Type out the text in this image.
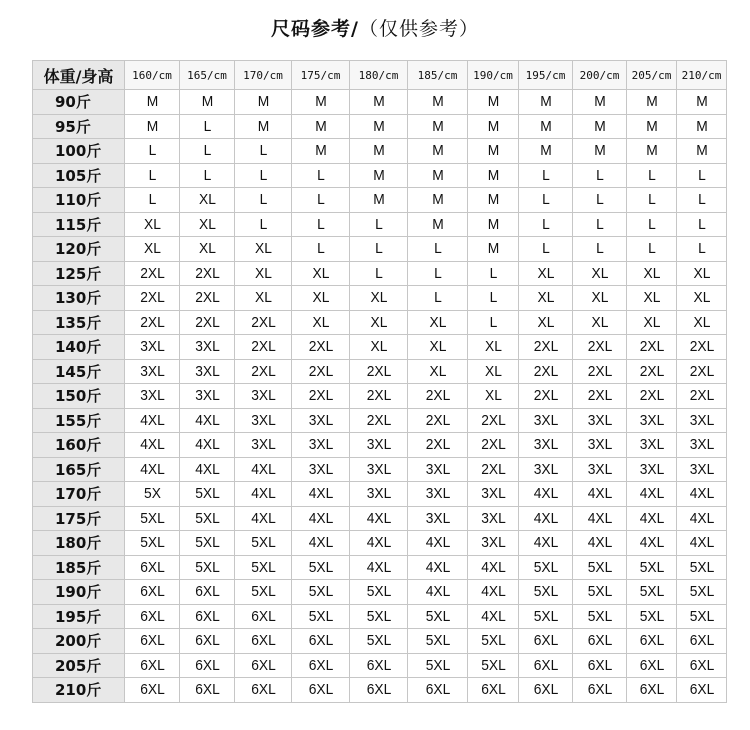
尺码参考/（仅供参考）
体重/身高	160/cm	165/cm	170/cm	175/cm	180/cm	185/cm	190/cm	195/cm	200/cm	205/cm	210/cm
90斤	M	M	M	M	M	M	M	M	M	M	M
95斤	M	L	M	M	M	M	M	M	M	M	M
100斤	L	L	L	M	M	M	M	M	M	M	M
105斤	L	L	L	L	M	M	M	L	L	L	L
110斤	L	XL	L	L	M	M	M	L	L	L	L
115斤	XL	XL	L	L	L	M	M	L	L	L	L
120斤	XL	XL	XL	L	L	L	M	L	L	L	L
125斤	2XL	2XL	XL	XL	L	L	L	XL	XL	XL	XL
130斤	2XL	2XL	XL	XL	XL	L	L	XL	XL	XL	XL
135斤	2XL	2XL	2XL	XL	XL	XL	L	XL	XL	XL	XL
140斤	3XL	3XL	2XL	2XL	XL	XL	XL	2XL	2XL	2XL	2XL
145斤	3XL	3XL	2XL	2XL	2XL	XL	XL	2XL	2XL	2XL	2XL
150斤	3XL	3XL	3XL	2XL	2XL	2XL	XL	2XL	2XL	2XL	2XL
155斤	4XL	4XL	3XL	3XL	2XL	2XL	2XL	3XL	3XL	3XL	3XL
160斤	4XL	4XL	3XL	3XL	3XL	2XL	2XL	3XL	3XL	3XL	3XL
165斤	4XL	4XL	4XL	3XL	3XL	3XL	2XL	3XL	3XL	3XL	3XL
170斤	5X	5XL	4XL	4XL	3XL	3XL	3XL	4XL	4XL	4XL	4XL
175斤	5XL	5XL	4XL	4XL	4XL	3XL	3XL	4XL	4XL	4XL	4XL
180斤	5XL	5XL	5XL	4XL	4XL	4XL	3XL	4XL	4XL	4XL	4XL
185斤	6XL	5XL	5XL	5XL	4XL	4XL	4XL	5XL	5XL	5XL	5XL
190斤	6XL	6XL	5XL	5XL	5XL	4XL	4XL	5XL	5XL	5XL	5XL
195斤	6XL	6XL	6XL	5XL	5XL	5XL	4XL	5XL	5XL	5XL	5XL
200斤	6XL	6XL	6XL	6XL	5XL	5XL	5XL	6XL	6XL	6XL	6XL
205斤	6XL	6XL	6XL	6XL	6XL	5XL	5XL	6XL	6XL	6XL	6XL
210斤	6XL	6XL	6XL	6XL	6XL	6XL	6XL	6XL	6XL	6XL	6XL
